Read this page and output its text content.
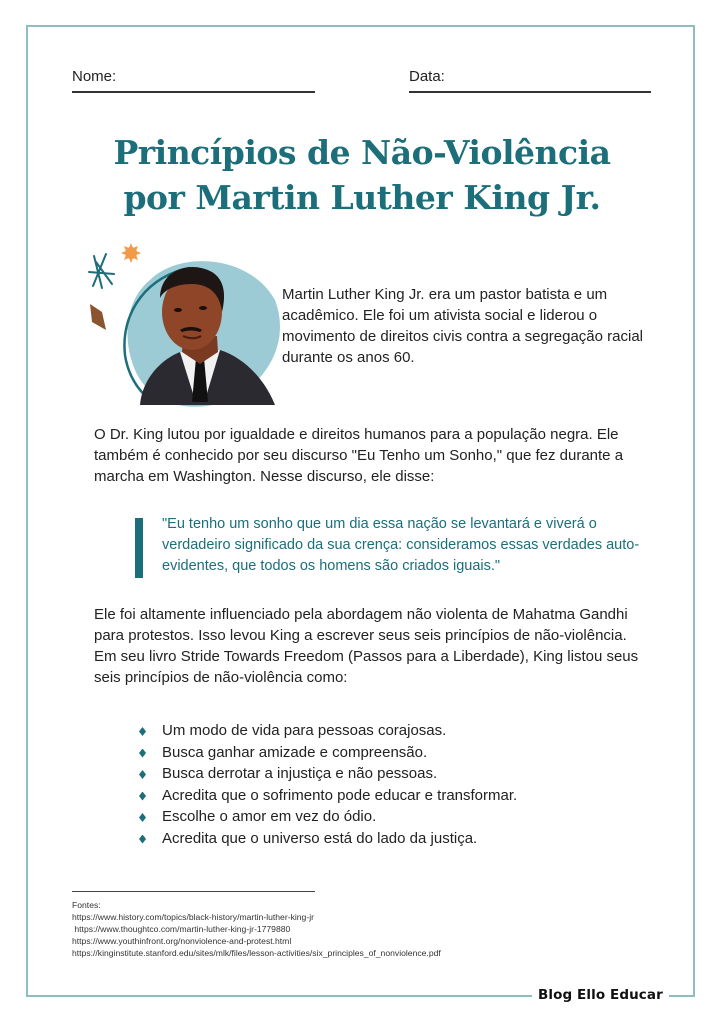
Blog Ello Educar
Nome:	Data:
Princípios de Não-Violência
por Martin Luther King Jr.
Martin Luther King Jr. era um pastor batista e um acadêmico. Ele foi um ativista social e liderou o movimento de direitos civis contra a segregação racial durante os anos 60.
O Dr. King lutou por igualdade e direitos humanos para a população negra. Ele também é conhecido por seu discurso "Eu Tenho um Sonho," que fez durante a marcha em Washington. Nesse discurso, ele disse:
"Eu tenho um sonho que um dia essa nação se levantará e viverá o verdadeiro significado da sua crença: consideramos essas verdades auto-evidentes, que todos os homens são criados iguais."
Ele foi altamente influenciado pela abordagem não violenta de Mahatma Gandhi para protestos. Isso levou King a escrever seus seis princípios de não-violência.
Em seu livro Stride Towards Freedom (Passos para a Liberdade), King listou seus seis princípios de não-violência como:
Um modo de vida para pessoas corajosas.
Busca ganhar amizade e compreensão.
Busca derrotar a injustiça e não pessoas.
Acredita que o sofrimento pode educar e transformar.
Escolhe o amor em vez do ódio.
Acredita que o universo está do lado da justiça.
Fontes:
https://www.history.com/topics/black-history/martin-luther-king-jr
https://www.thoughtco.com/martin-luther-king-jr-1779880
https://www.youthinfront.org/nonviolence-and-protest.html
https://kinginstitute.stanford.edu/sites/mlk/files/lesson-activities/six_principles_of_nonviolence.pdf
